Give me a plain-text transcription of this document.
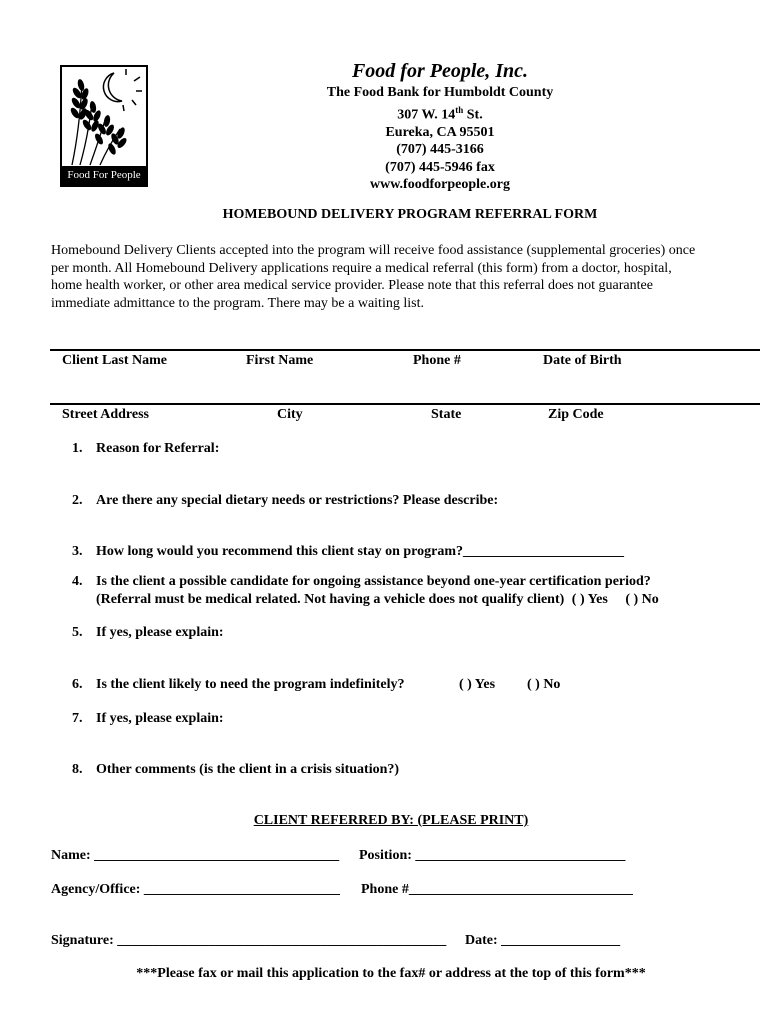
Food For People
Food for People, Inc.
The Food Bank for Humboldt County
307 W. 14th St.
Eureka, CA 95501
(707) 445-3166
(707) 445-5946 fax
www.foodforpeople.org
HOMEBOUND DELIVERY PROGRAM REFERRAL FORM
Homebound Delivery Clients accepted into the program will receive food assistance (supplemental groceries) once
per month. All Homebound Delivery applications require a medical referral (this form) from a doctor, hospital,
home health worker, or other area medical service provider. Please note that this referral does not guarantee
immediate admittance to the program. There may be a waiting list.
Client Last Name	First Name	Phone #	Date of Birth
Street Address	City	State	Zip Code
1. Reason for Referral:
2. Are there any special dietary needs or restrictions? Please describe:
3. How long would you recommend this client stay on program?_______________________
4. Is the client a possible candidate for ongoing assistance beyond one-year certification period?
(Referral must be medical related. Not having a vehicle does not qualify client) ( ) Yes ( ) No
5. If yes, please explain:
6. Is the client likely to need the program indefinitely?	( ) Yes ( ) No
7. If yes, please explain:
8. Other comments (is the client in a crisis situation?)
CLIENT REFERRED BY: (PLEASE PRINT)
Name: ___________________________________ Position: ______________________________
Agency/Office: ____________________________ Phone #________________________________
Signature: _______________________________________________ Date: _________________
***Please fax or mail this application to the fax# or address at the top of this form***
